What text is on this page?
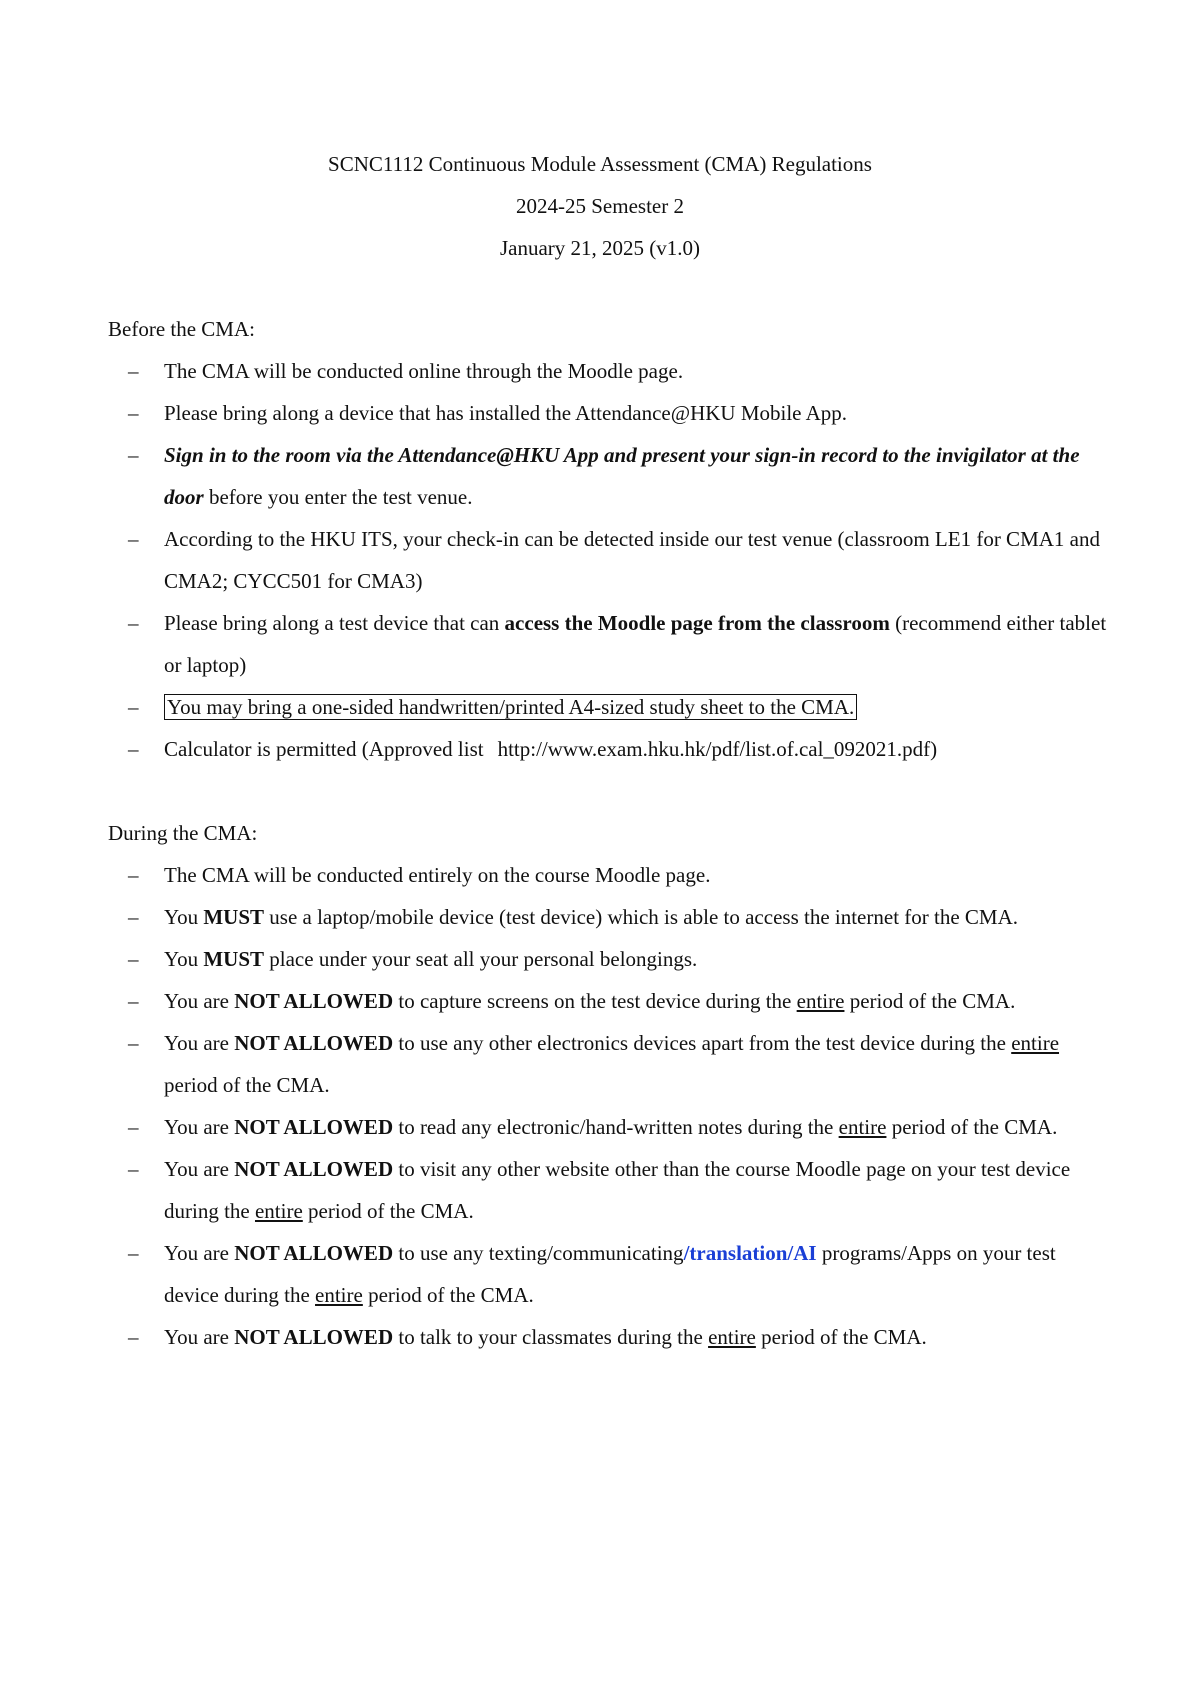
SCNC1112 Continuous Module Assessment (CMA) Regulations
2024-25 Semester 2
January 21, 2025 (v1.0)

Before the CMA:

– The CMA will be conducted online through the Moodle page.
– Please bring along a device that has installed the Attendance@HKU Mobile App.
– Sign in to the room via the Attendance@HKU App and present your sign-in record to the invigilator at the door before you enter the test venue.
– According to the HKU ITS, your check-in can be detected inside our test venue (classroom LE1 for CMA1 and CMA2; CYCC501 for CMA3)
– Please bring along a test device that can access the Moodle page from the classroom (recommend either tablet or laptop)
– You may bring a one-sided handwritten/printed A4-sized study sheet to the CMA.
– Calculator is permitted (Approved list http://www.exam.hku.hk/pdf/list.of.cal_092021.pdf)

During the CMA:

– The CMA will be conducted entirely on the course Moodle page.
– You MUST use a laptop/mobile device (test device) which is able to access the internet for the CMA.
– You MUST place under your seat all your personal belongings.
– You are NOT ALLOWED to capture screens on the test device during the entire period of the CMA.
– You are NOT ALLOWED to use any other electronics devices apart from the test device during the entire period of the CMA.
– You are NOT ALLOWED to read any electronic/hand-written notes during the entire period of the CMA.
– You are NOT ALLOWED to visit any other website other than the course Moodle page on your test device during the entire period of the CMA.
– You are NOT ALLOWED to use any texting/communicating/translation/AI programs/Apps on your test device during the entire period of the CMA.
– You are NOT ALLOWED to talk to your classmates during the entire period of the CMA.
